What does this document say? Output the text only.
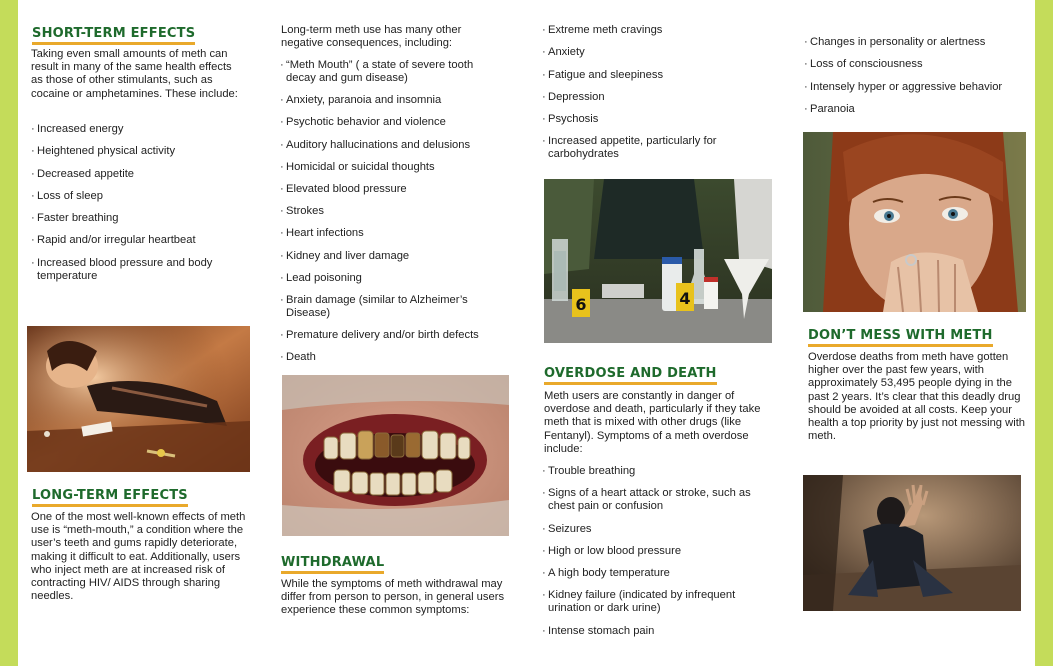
SHORT-TERM EFFECTS

Taking even small amounts of meth can result in many of the same health effects as those of other stimulants, such as cocaine or amphetamines. These include:

· Increased energy
· Heightened physical activity
· Decreased appetite
· Loss of sleep
· Faster breathing
· Rapid and/or irregular heartbeat
· Increased blood pressure and body temperature
LONG-TERM EFFECTS

One of the most well-known effects of meth use is “meth-mouth,” a condition where the user’s teeth and gums rapidly deteriorate, making it difficult to eat. Additionally, users who inject meth are at increased risk of contracting HIV/ AIDS through sharing needles.

Long-term meth use has many other negative consequences, including:

· “Meth Mouth” ( a state of severe tooth decay and gum disease)
· Anxiety, paranoia and insomnia
· Psychotic behavior and violence
· Auditory hallucinations and delusions
· Homicidal or suicidal thoughts
· Elevated blood pressure
· Strokes
· Heart infections
· Kidney and liver damage
· Lead poisoning
· Brain damage (similar to Alzheimer’s Disease)
· Premature delivery and/or birth defects
· Death
WITHDRAWAL

While the symptoms of meth withdrawal may differ from person to person, in general users experience these common symptoms:

· Extreme meth cravings
· Anxiety
· Fatigue and sleepiness
· Depression
· Psychosis
· Increased appetite, particularly for carbohydrates
6	4
OVERDOSE AND DEATH

Meth users are constantly in danger of overdose and death, particularly if they take meth that is mixed with other drugs (like Fentanyl). Symptoms of a meth overdose include:

· Trouble breathing
· Signs of a heart attack or stroke, such as chest pain or confusion
· Seizures
· High or low blood pressure
· A high body temperature
· Kidney failure (indicated by infrequent urination or dark urine)
· Intense stomach pain
· Changes in personality or alertness
· Loss of consciousness
· Intensely hyper or aggressive behavior
· Paranoia
DON’T MESS WITH METH

Overdose deaths from meth have gotten higher over the past few years, with approximately 53,495 people dying in the past 2 years. It’s clear that this deadly drug should be avoided at all costs. Keep your health a top priority by just not messing with meth.
